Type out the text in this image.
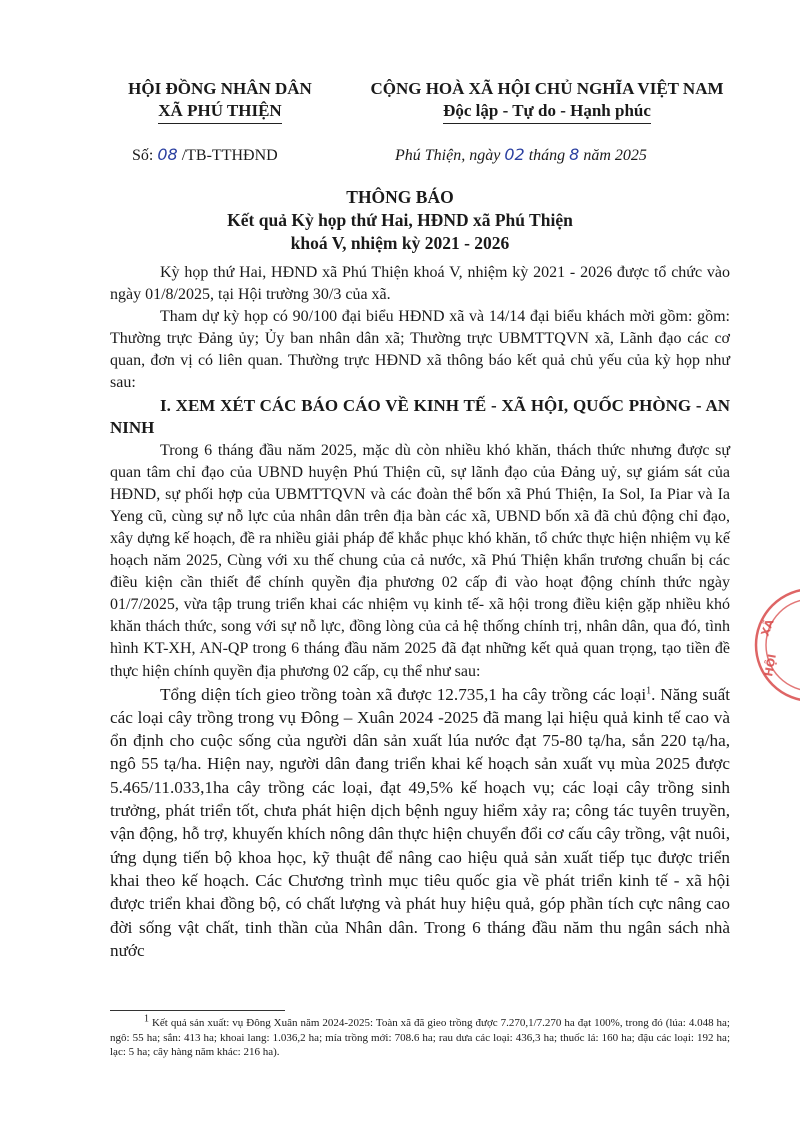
HỘI ĐỒNG NHÂN DÂN
XÃ PHÚ THIỆN
CỘNG HOÀ XÃ HỘI CHỦ NGHĨA VIỆT NAM
Độc lập - Tự do - Hạnh phúc
Số: 08 /TB-TTHĐND	Phú Thiện, ngày 02 tháng 8 năm 2025
THÔNG BÁO
Kết quả Kỳ họp thứ Hai, HĐND xã Phú Thiện
khoá V, nhiệm kỳ 2021 - 2026

Kỳ họp thứ Hai, HĐND xã Phú Thiện khoá V, nhiệm kỳ 2021 - 2026 được tổ chức vào ngày 01/8/2025, tại Hội trường 30/3 của xã.

Tham dự kỳ họp có 90/100 đại biểu HĐND xã và 14/14 đại biểu khách mời gồm: gồm: Thường trực Đảng ủy; Ủy ban nhân dân xã; Thường trực UBMTTQVN xã, Lãnh đạo các cơ quan, đơn vị có liên quan. Thường trực HĐND xã thông báo kết quả chủ yếu của kỳ họp như sau:

I. XEM XÉT CÁC BÁO CÁO VỀ KINH TẾ - XÃ HỘI, QUỐC PHÒNG - AN NINH

Trong 6 tháng đầu năm 2025, mặc dù còn nhiều khó khăn, thách thức nhưng được sự quan tâm chỉ đạo của UBND huyện Phú Thiện cũ, sự lãnh đạo của Đảng uỷ, sự giám sát của HĐND, sự phối hợp của UBMTTQVN và các đoàn thể bốn xã Phú Thiện, Ia Sol, Ia Piar và Ia Yeng cũ, cùng sự nỗ lực của nhân dân trên địa bàn các xã, UBND bốn xã đã chủ động chỉ đạo, xây dựng kế hoạch, đề ra nhiều giải pháp để khắc phục khó khăn, tổ chức thực hiện nhiệm vụ kế hoạch năm 2025, Cùng với xu thế chung của cả nước, xã Phú Thiện khẩn trương chuẩn bị các điều kiện cần thiết để chính quyền địa phương 02 cấp đi vào hoạt động chính thức ngày 01/7/2025, vừa tập trung triển khai các nhiệm vụ kinh tế- xã hội trong điều kiện gặp nhiều khó khăn thách thức, song với sự nỗ lực, đồng lòng của cả hệ thống chính trị, nhân dân, qua đó, tình hình KT-XH, AN-QP trong 6 tháng đầu năm 2025 đã đạt những kết quả quan trọng, tạo tiền đề thực hiện chính quyền địa phương 02 cấp, cụ thể như sau:

Tổng diện tích gieo trồng toàn xã được 12.735,1 ha cây trồng các loại$^1$. Năng suất các loại cây trồng trong vụ Đông – Xuân 2024 -2025 đã mang lại hiệu quả kinh tế cao và ổn định cho cuộc sống của người dân sản xuất lúa nước đạt 75-80 tạ/ha, sắn 220 tạ/ha, ngô 55 tạ/ha. Hiện nay, người dân đang triển khai kế hoạch sản xuất vụ mùa 2025 được 5.465/11.033,1ha cây trồng các loại, đạt 49,5% kế hoạch vụ; các loại cây trồng sinh trưởng, phát triển tốt, chưa phát hiện dịch bệnh nguy hiểm xảy ra; công tác tuyên truyền, vận động, hỗ trợ, khuyến khích nông dân thực hiện chuyển đổi cơ cấu cây trồng, vật nuôi, ứng dụng tiến bộ khoa học, kỹ thuật để nâng cao hiệu quả sản xuất tiếp tục được triển khai theo kế hoạch. Các Chương trình mục tiêu quốc gia về phát triển kinh tế - xã hội được triển khai đồng bộ, có chất lượng và phát huy hiệu quả, góp phần tích cực nâng cao đời sống vật chất, tinh thần của Nhân dân. Trong 6 tháng đầu năm thu ngân sách nhà nước

$^1$ Kết quả sản xuất: vụ Đông Xuân năm 2024-2025: Toàn xã đã gieo trồng được 7.270,1/7.270 ha đạt 100%, trong đó (lúa: 4.048 ha; ngô: 55 ha; sắn: 413 ha; khoai lang: 1.036,2 ha; mía trồng mới: 708.6 ha; rau dưa các loại: 436,3 ha; thuốc lá: 160 ha; đậu các loại: 192 ha; lạc: 5 ha; cây hàng năm khác: 216 ha).

XÃ
HỘI
